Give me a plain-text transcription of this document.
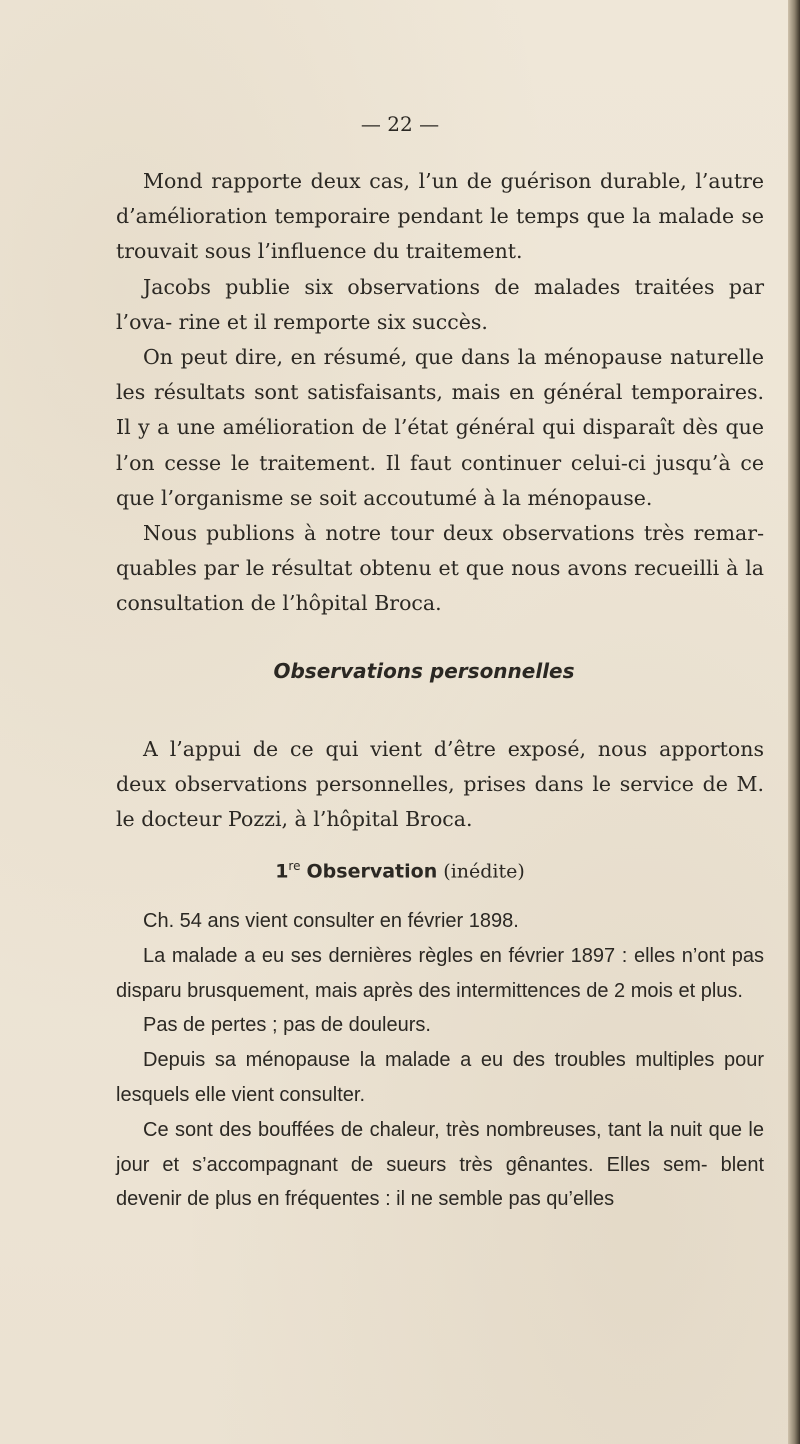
— 22 —

Mond rapporte deux cas, l’un de guérison durable, l’autre d’amélioration temporaire pendant le temps que la malade se trouvait sous l’influence du traitement.

Jacobs publie six observations de malades traitées par l’ova- rine et il remporte six succès.

On peut dire, en résumé, que dans la ménopause naturelle les résultats sont satisfaisants, mais en général temporaires. Il y a une amélioration de l’état général qui disparaît dès que l’on cesse le traitement. Il faut continuer celui-ci jusqu’à ce que l’organisme se soit accoutumé à la ménopause.

Nous publions à notre tour deux observations très remar- quables par le résultat obtenu et que nous avons recueilli à la consultation de l’hôpital Broca.

Observations personnelles

A l’appui de ce qui vient d’être exposé, nous apportons deux observations personnelles, prises dans le service de M. le docteur Pozzi, à l’hôpital Broca.

1re Observation (inédite)

Ch. 54 ans vient consulter en février 1898.

La malade a eu ses dernières règles en février 1897 : elles n’ont pas disparu brusquement, mais après des intermittences de 2 mois et plus.

Pas de pertes ; pas de douleurs.

Depuis sa ménopause la malade a eu des troubles multiples pour lesquels elle vient consulter.

Ce sont des bouffées de chaleur, très nombreuses, tant la nuit que le jour et s’accompagnant de sueurs très gênantes. Elles sem- blent devenir de plus en fréquentes : il ne semble pas qu’elles
